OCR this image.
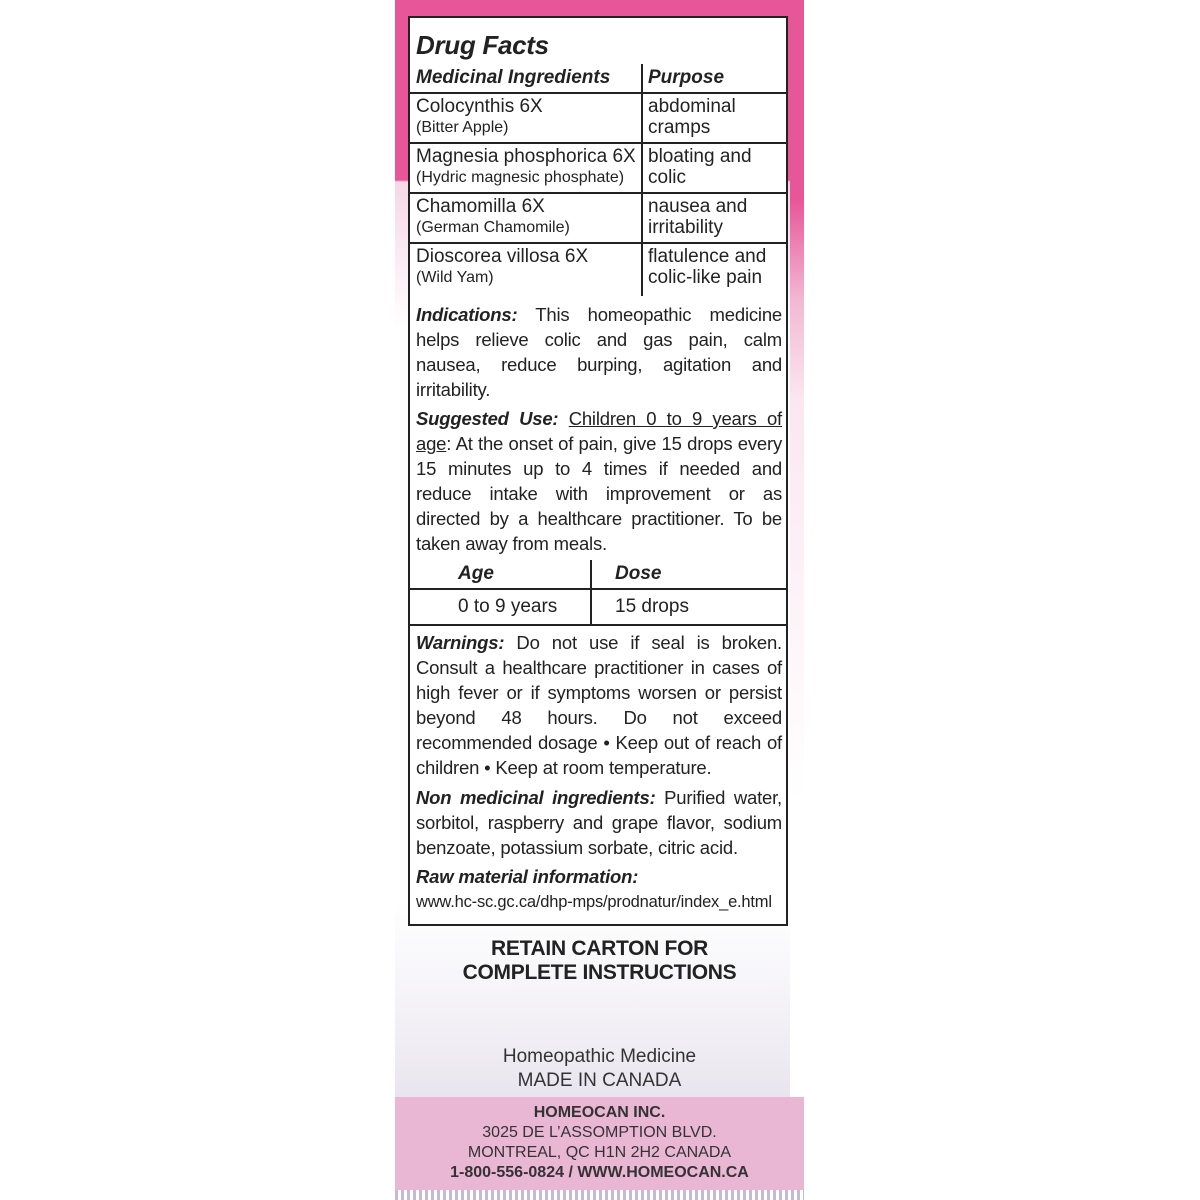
Drug Facts
Medicinal Ingredients Purpose
Colocynthis 6X
(Bitter Apple)
abdominal
cramps
Magnesia phosphorica 6X
(Hydric magnesic phosphate)
bloating and
colic
Chamomilla 6X
(German Chamomile)
nausea and
irritability
Dioscorea villosa 6X
(Wild Yam)
flatulence and
colic-like pain
Indications: This homeopathic medicine helps relieve colic and gas pain, calm nausea, reduce burping, agitation and irritability.
Suggested Use: Children 0 to 9 years of age: At the onset of pain, give 15 drops every 15 minutes up to 4 times if needed and reduce intake with improvement or as directed by a healthcare practitioner. To be taken away from meals.
Age	Dose
0 to 9 years	15 drops
Warnings: Do not use if seal is broken. Consult a healthcare practitioner in cases of high fever or if symptoms worsen or persist beyond 48 hours. Do not exceed recommended dosage • Keep out of reach of children • Keep at room temperature.
Non medicinal ingredients: Purified water, sorbitol, raspberry and grape flavor, sodium benzoate, potassium sorbate, citric acid.
Raw material information:
www.hc-sc.gc.ca/dhp-mps/prodnatur/index_e.html
RETAIN CARTON FOR
COMPLETE INSTRUCTIONS
Homeopathic Medicine
MADE IN CANADA
HOMEOCAN INC.
3025 DE L’ASSOMPTION BLVD.
MONTREAL, QC H1N 2H2 CANADA
1-800-556-0824 / WWW.HOMEOCAN.CA
